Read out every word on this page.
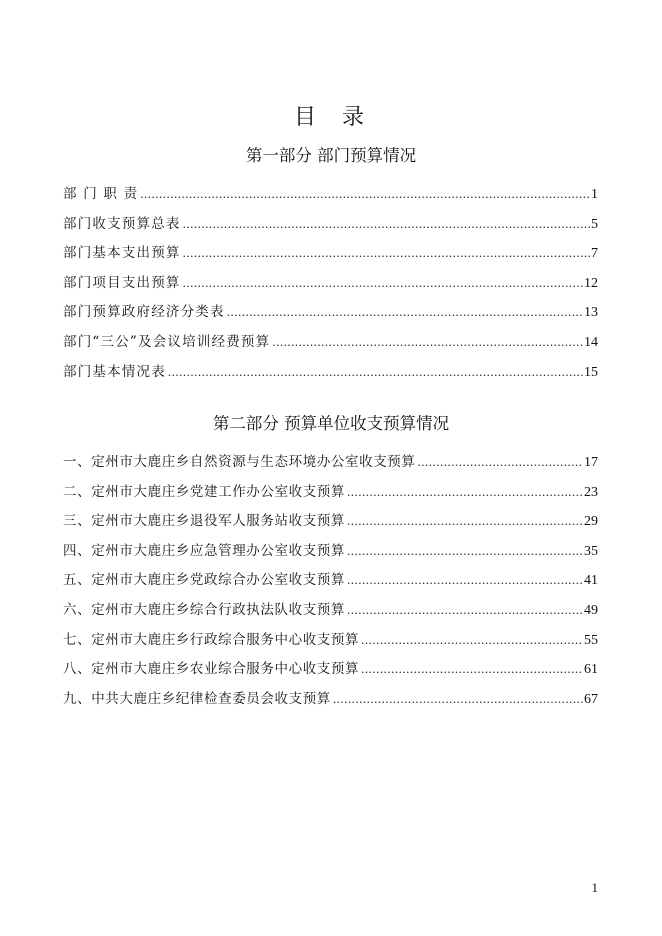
目 录
第一部分 部门预算情况
部 门 职 责 .....	1
部门收支预算总表 .....	5
部门基本支出预算 .....	7
部门项目支出预算 .....	12
部门预算政府经济分类表 .....	13
部门“三公”及会议培训经费预算 .....	14
部门基本情况表 .....	15
第二部分 预算单位收支预算情况
一、定州市大鹿庄乡自然资源与生态环境办公室收支预算 .....	17
二、定州市大鹿庄乡党建工作办公室收支预算 .....	23
三、定州市大鹿庄乡退役军人服务站收支预算 .....	29
四、定州市大鹿庄乡应急管理办公室收支预算 .....	35
五、定州市大鹿庄乡党政综合办公室收支预算 .....	41
六、定州市大鹿庄乡综合行政执法队收支预算 .....	49
七、定州市大鹿庄乡行政综合服务中心收支预算 .....	55
八、定州市大鹿庄乡农业综合服务中心收支预算 .....	61
九、中共大鹿庄乡纪律检查委员会收支预算 .....	67
1
